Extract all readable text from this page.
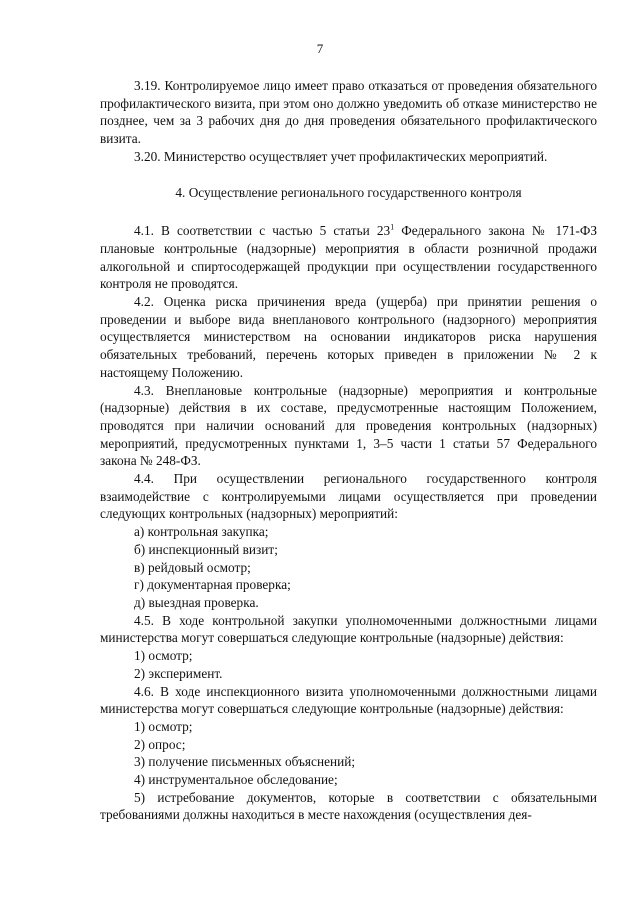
7

3.19. Контролируемое лицо имеет право отказаться от проведения обязательного профилактического визита, при этом оно должно уведомить об отказе министерство не позднее, чем за 3 рабочих дня до дня проведения обязательного профилактического визита.

3.20. Министерство осуществляет учет профилактических мероприятий.

4. Осуществление регионального государственного контроля

4.1. В соответствии с частью 5 статьи $23^1$ Федерального закона № 171-ФЗ плановые контрольные (надзорные) мероприятия в области розничной продажи алкогольной и спиртосодержащей продукции при осуществлении государственного контроля не проводятся.

4.2. Оценка риска причинения вреда (ущерба) при принятии решения о проведении и выборе вида внепланового контрольного (надзорного) мероприятия осуществляется министерством на основании индикаторов риска нарушения обязательных требований, перечень которых приведен в приложении № 2 к настоящему Положению.

4.3. Внеплановые контрольные (надзорные) мероприятия и контрольные (надзорные) действия в их составе, предусмотренные настоящим Положением, проводятся при наличии оснований для проведения контрольных (надзорных) мероприятий, предусмотренных пунктами 1, 3–5 части 1 статьи 57 Федерального закона № 248-ФЗ.

4.4. При осуществлении регионального государственного контроля взаимодействие с контролируемыми лицами осуществляется при проведении следующих контрольных (надзорных) мероприятий:

а) контрольная закупка;
б) инспекционный визит;
в) рейдовый осмотр;
г) документарная проверка;
д) выездная проверка.

4.5. В ходе контрольной закупки уполномоченными должностными лицами министерства могут совершаться следующие контрольные (надзорные) действия:

1) осмотр;
2) эксперимент.

4.6. В ходе инспекционного визита уполномоченными должностными лицами министерства могут совершаться следующие контрольные (надзорные) действия:

1) осмотр;
2) опрос;
3) получение письменных объяснений;
4) инструментальное обследование;

5) истребование документов, которые в соответствии с обязательными требованиями должны находиться в месте нахождения (осуществления дея-
